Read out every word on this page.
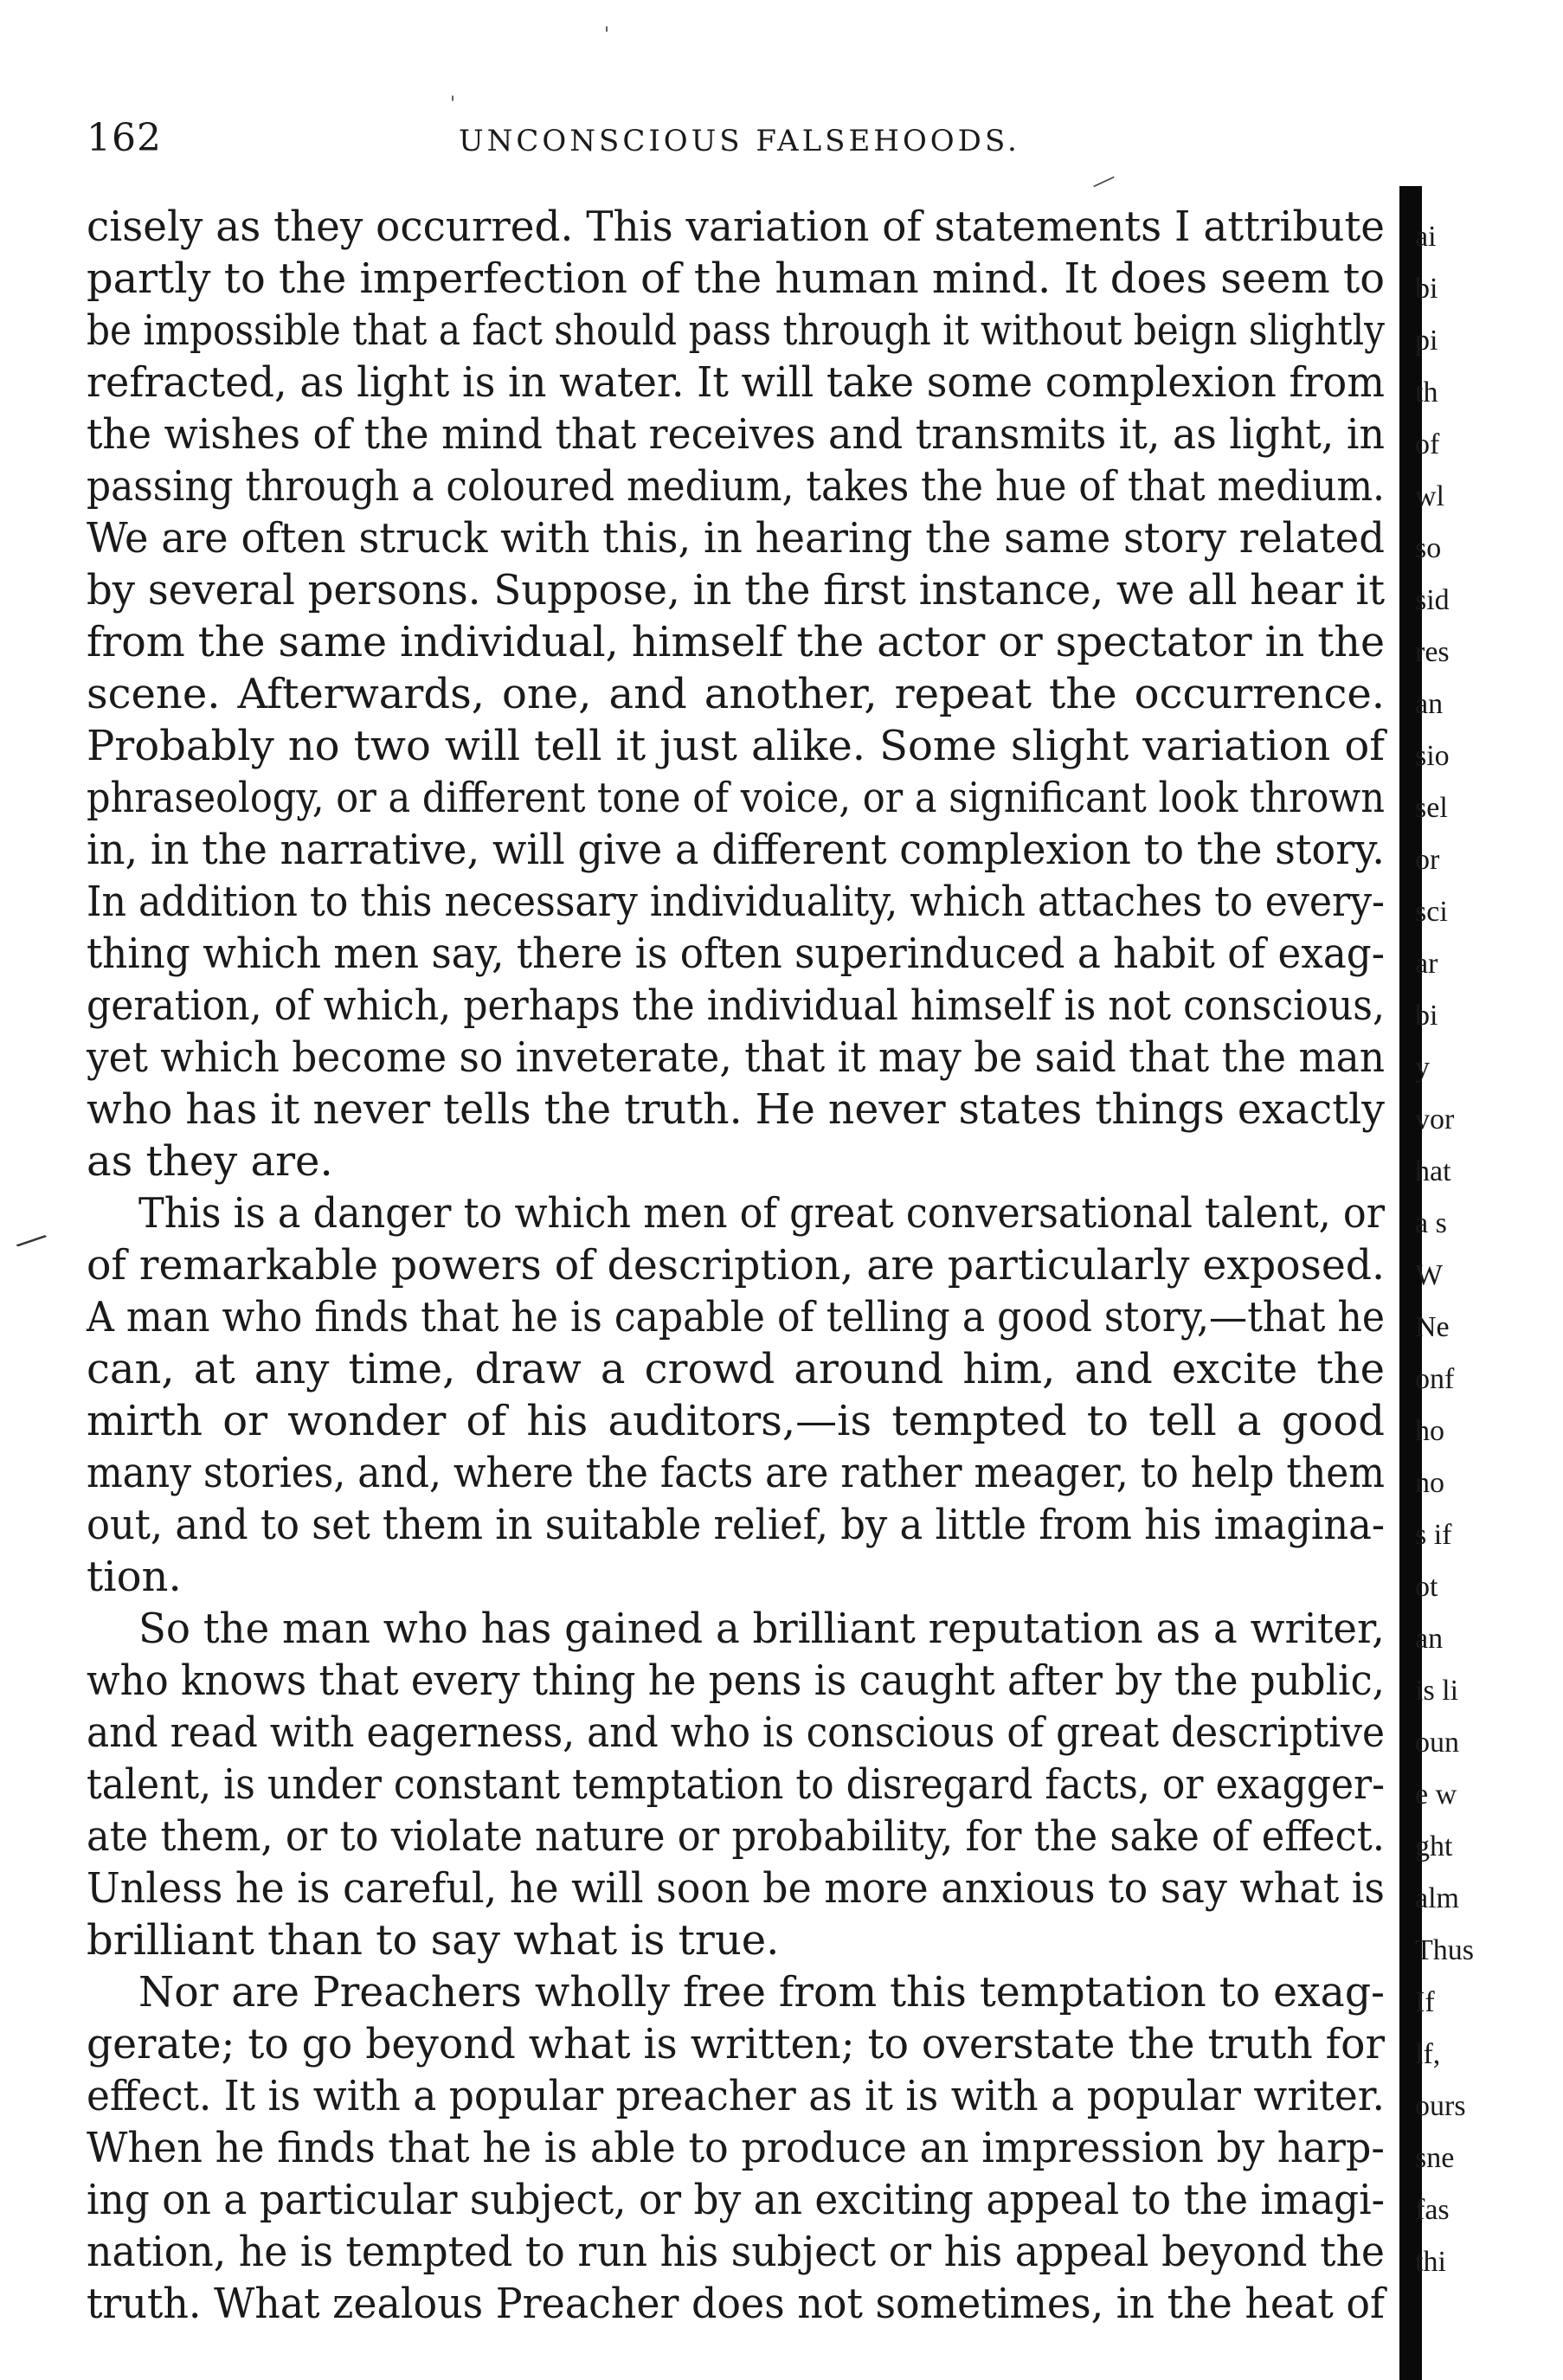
162	UNCONSCIOUS FALSEHOODS.
'
'
―
⁄
cisely as they occurred. This variation of statements I attribute
partly to the imperfection of the human mind. It does seem to
be impossible that a fact should pass through it without beign slightly
refracted, as light is in water. It will take some complexion from
the wishes of the mind that receives and transmits it, as light, in
passing through a coloured medium, takes the hue of that medium.
We are often struck with this, in hearing the same story related
by several persons. Suppose, in the first instance, we all hear it
from the same individual, himself the actor or spectator in the
scene. Afterwards, one, and another, repeat the occurrence.
Probably no two will tell it just alike. Some slight variation of
phraseology, or a different tone of voice, or a significant look thrown
in, in the narrative, will give a different complexion to the story.
In addition to this necessary individuality, which attaches to every-
thing which men say, there is often superinduced a habit of exag-
geration, of which, perhaps the individual himself is not conscious,
yet which become so inveterate, that it may be said that the man
who has it never tells the truth. He never states things exactly
as they are.
This is a danger to which men of great conversational talent, or
of remarkable powers of description, are particularly exposed.
A man who finds that he is capable of telling a good story,—that he
can, at any time, draw a crowd around him, and excite the
mirth or wonder of his auditors,—is tempted to tell a good
many stories, and, where the facts are rather meager, to help them
out, and to set them in suitable relief, by a little from his imagina-
tion.
So the man who has gained a brilliant reputation as a writer,
who knows that every thing he pens is caught after by the public,
and read with eagerness, and who is conscious of great descriptive
talent, is under constant temptation to disregard facts, or exagger-
ate them, or to violate nature or probability, for the sake of effect.
Unless he is careful, he will soon be more anxious to say what is
brilliant than to say what is true.
Nor are Preachers wholly free from this temptation to exag-
gerate; to go beyond what is written; to overstate the truth for
effect. It is with a popular preacher as it is with a popular writer.
When he finds that he is able to produce an impression by harp-
ing on a particular subject, or by an exciting appeal to the imagi-
nation, he is tempted to run his subject or his appeal beyond the
truth. What zealous Preacher does not sometimes, in the heat of
ai
bi
pi
th
of
wl
so
sid
res
an
sio
sel
or
sci
ar
bi
y
vor
hat
a s
W
Ne
onf
ho
no
s if
ot
an
is li
oun
e w
ght
alm
Thus
If
lf,
ours
sne
fas
thi
